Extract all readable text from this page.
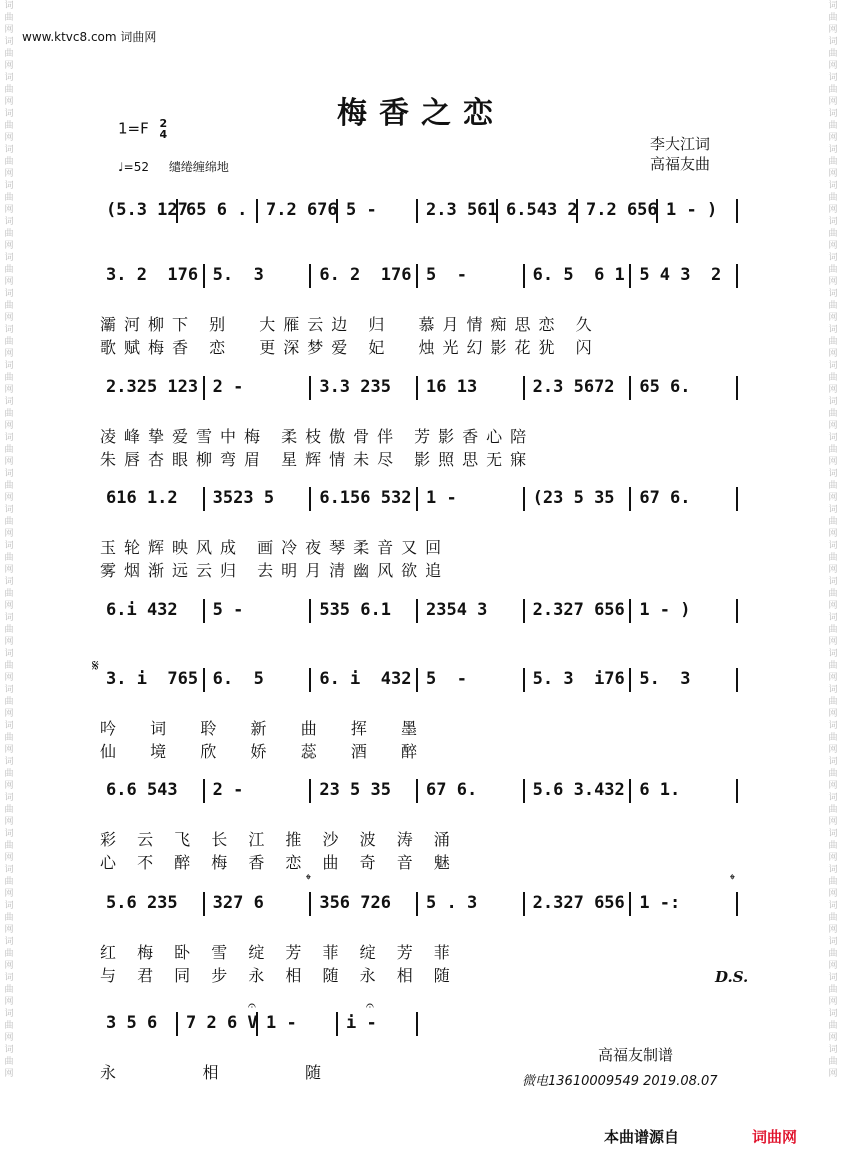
词曲网词曲网词曲网词曲网词曲网词曲网词曲网词曲网词曲网词曲网词曲网词曲网词曲网词曲网词曲网词曲网词曲网词曲网词曲网词曲网词曲网词曲网词曲网词曲网词曲网词曲网词曲网词曲网词曲网词曲网
词曲网词曲网词曲网词曲网词曲网词曲网词曲网词曲网词曲网词曲网词曲网词曲网词曲网词曲网词曲网词曲网词曲网词曲网词曲网词曲网词曲网词曲网词曲网词曲网词曲网词曲网词曲网词曲网词曲网词曲网
www.ktvc8.com 词曲网
梅香之恋
1=F 2
4
♩=52 缱绻缠绵地
李大江词
高福友曲
𝄋
𝄌	𝄌
𝄐	𝄐
(5.3 127
65 6 . 7.2 676 5 -	2.3 561 6.543 2 7.2 656 1 - )
3. 2  176 5.  3	6. 2  176 5  -	6. 5  6 1 5 4 3  2
灞河柳下 别  大雁云边 归  慕月情痴思恋 久
歌赋梅香 恋  更深梦爱 妃  烛光幻影花犹 闪
2.325 123 2 -	3.3 235 16 13	2.3 5672 65 6.
凌峰挚爱雪中梅 柔枝傲骨伴 芳影香心陪
朱唇杏眼柳弯眉 星辉情未尽 影照思无寐
616 1.2 3523 5	6.156 532 1 -	(23 5 35 67 6.
玉轮辉映风成 画冷夜琴柔音又回
雾烟渐远云归 去明月清幽风欲追
6.i 432 5 -	535 6.1 2354 3	2.327 656 1 - )
3. i  765 6.  5	6. i  432 5  -	5. 3  i76 5.  3
吟  词  聆  新  曲  挥  墨
仙  境  欣  娇  蕊  酒  醉
6.6 543 2 -	23 5 35 67 6.	5.6 3.432 6 1.
彩 云 飞 长 江 推 沙 波 涛 涌
心 不 醉 梅 香 恋 曲 奇 音 魅
5.6 235 327 6	356 726 5 . 3	2.327 656 1 -:
红 梅 卧 雪 绽 芳 菲 绽 芳 菲
与 君 同 步 永 相 随 永 相 随
3 5 6 7 2 6 V 1 -	i -
永      相      随
D.S.
高福友制谱
微电13610009549 2019.08.07
本曲谱源自	词曲网
